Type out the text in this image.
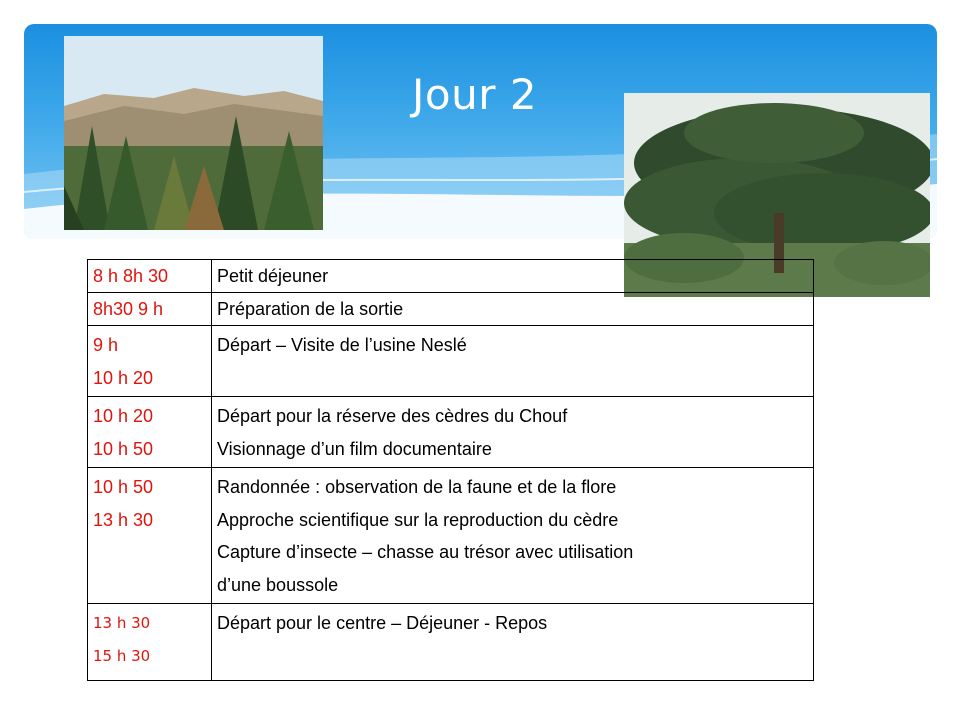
Jour 2
8 h 8h 30	Petit déjeuner

8h30 9 h	Préparation de la sortie

9 h
10 h 20	Départ – Visite de l’usine Neslé

10 h 20
10 h 50	Départ pour la réserve des cèdres du Chouf
Visionnage d’un film documentaire

10 h 50
13 h 30	Randonnée : observation de la faune et de la flore
Approche scientifique sur la reproduction du cèdre
Capture d’insecte – chasse au trésor avec utilisation
d’une boussole

13 h 30
15 h 30	Départ pour le centre – Déjeuner - Repos
